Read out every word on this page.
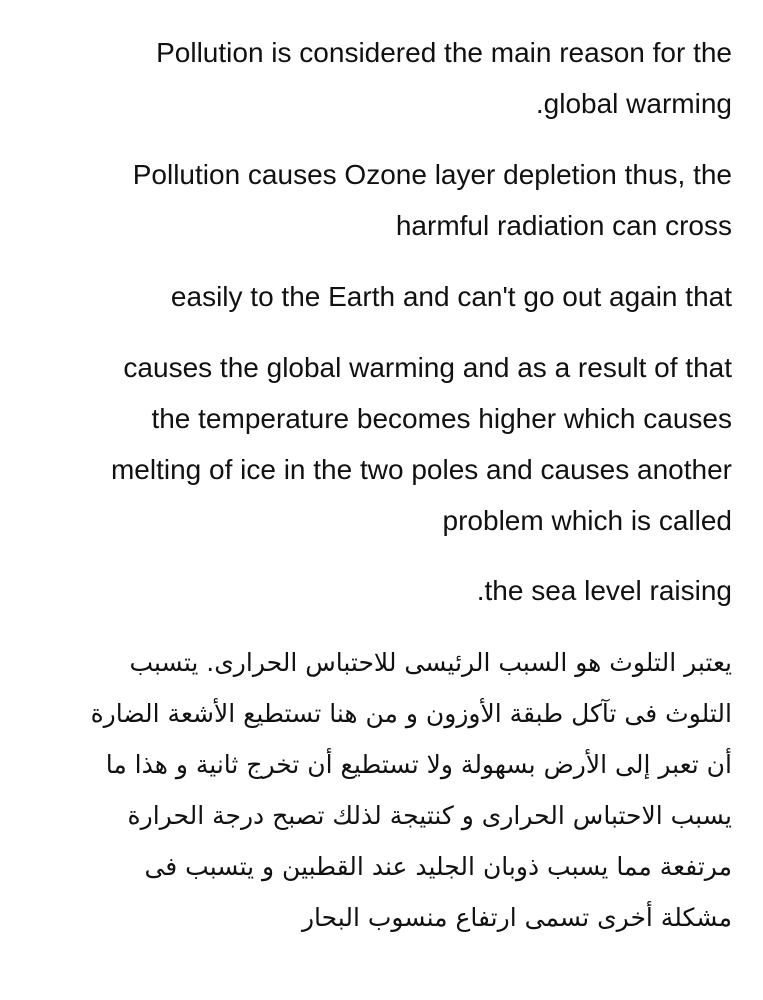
Pollution is considered the main reason for the
global warming.
Pollution causes Ozone layer depletion thus, the
harmful radiation can cross
easily to the Earth and can't go out again that
causes the global warming and as a result of that
the temperature becomes higher which causes
melting of ice in the two poles and causes another
problem which is called
the sea level raising.
يعتبر التلوث هو السبب الرئيسى للاحتباس الحرارى. يتسبب
التلوث فى تآكل طبقة الأوزون و من هنا تستطيع الأشعة الضارة
أن تعبر إلى الأرض بسهولة ولا تستطيع أن تخرج ثانية و هذا ما
يسبب الاحتباس الحرارى و كنتيجة لذلك تصبح درجة الحرارة
مرتفعة مما يسبب ذوبان الجليد عند القطبين و يتسبب فى
مشكلة أخرى تسمى ارتفاع منسوب البحار
